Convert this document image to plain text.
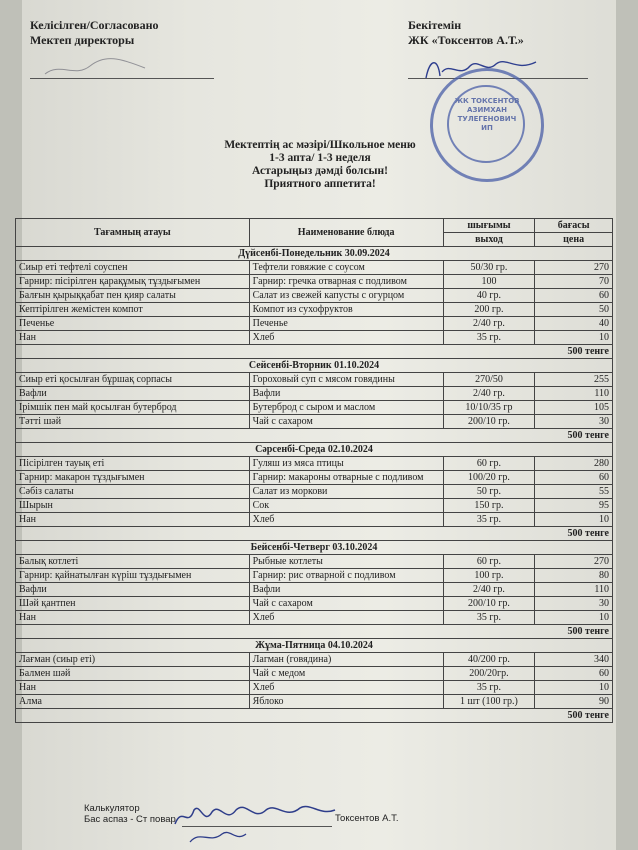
Келісілген/Согласовано
Мектеп директоры
Бекітемін
ЖК «Токсентов А.Т.»
ЖК ТОКСЕНТОВ АЗИМХАН ТУЛЕГЕНОВИЧ ИП
Мектептің ас мәзірі/Школьное меню
1-3 апта/ 1-3 неделя
Астарыңыз дәмді болсын!
Приятного аппетита!
Тағамның атауы	Наименование блюда	шығымы	бағасы
		выход	цена
Дүйсенбі-Понедельник 30.09.2024			
Сиыр еті тефтелі соуспен	Тефтели говяжие с соусом	50/30 гр.	270
Гарнир: пісірілген қарақұмық тұздығымен	Гарнир: гречка отварная с подливом	100	70
Балғын қырыққабат пен қияр салаты	Салат из свежей капусты с огурцом	40 гр.	60
Кептірілген жемістен компот	Компот из сухофруктов	200 гр.	50
Печенье	Печенье	2/40 гр.	40
Нан	Хлеб	35 гр.	10
500 тенге			
Сейсенбі-Вторник 01.10.2024			
Сиыр еті қосылған бұршақ сорпасы	Гороховый суп с мясом говядины	270/50	255
Вафли	Вафли	2/40 гр.	110
Ірімшік пен май қосылған бутерброд	Бутерброд с сыром и маслом	10/10/35 гр	105
Тәтті шәй	Чай с сахаром	200/10 гр.	30
500 тенге			
Сәрсенбі-Среда 02.10.2024			
Пісірілген тауық еті	Гуляш из мяса птицы	60 гр.	280
Гарнир: макарон тұздығымен	Гарнир: макароны отварные с подливом	100/20 гр.	60
Сәбіз салаты	Салат из моркови	50 гр.	55
Шырын	Сок	150 гр.	95
Нан	Хлеб	35 гр.	10
500 тенге			
Бейсенбі-Четверг 03.10.2024			
Балық котлеті	Рыбные котлеты	60 гр.	270
Гарнир: қайнатылған күріш тұздығымен	Гарнир: рис отварной с подливом	100 гр.	80
Вафли	Вафли	2/40 гр.	110
Шәй қантпен	Чай с сахаром	200/10 гр.	30
Нан	Хлеб	35 гр.	10
500 тенге			
Жұма-Пятница 04.10.2024			
Лағман (сиыр еті)	Лагман (говядина)	40/200 гр.	340
Балмен шәй	Чай с медом	200/20гр.	60
Нан	Хлеб	35 гр.	10
Алма	Яблоко	1 шт (100 гр.)	90
500 тенге			
Калькулятор
Бас аспаз - Ст повар	Токсентов А.Т.
